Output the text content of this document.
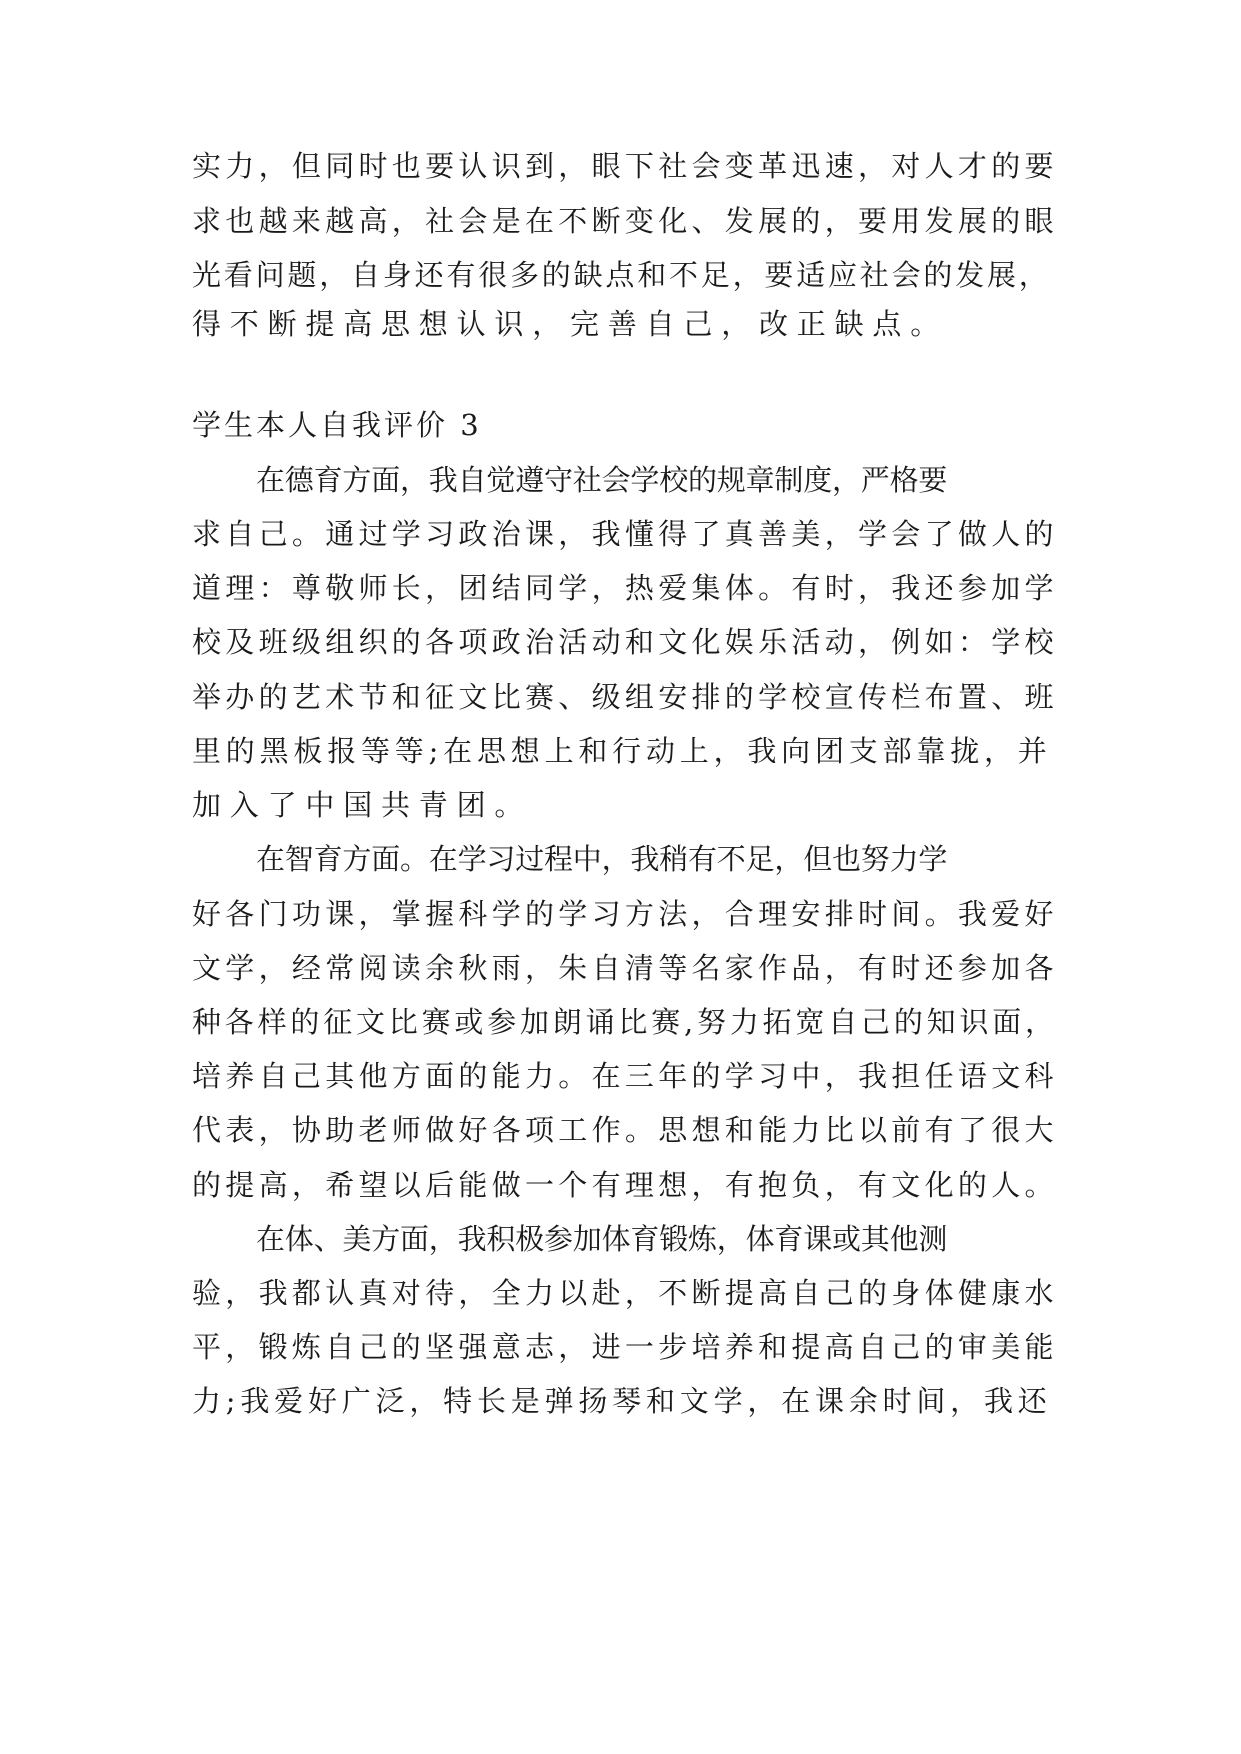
实力，但同时也要认识到，眼下社会变革迅速，对人才的要

求也越来越高，社会是在不断变化、发展的，要用发展的眼

光看问题，自身还有很多的缺点和不足，要适应社会的发展，

得不断提高思想认识，完善自己，改正缺点。

学生本人自我评价 3

在德育方面，我自觉遵守社会学校的规章制度，严格要

求自己。通过学习政治课，我懂得了真善美，学会了做人的

道理：尊敬师长，团结同学，热爱集体。有时，我还参加学

校及班级组织的各项政治活动和文化娱乐活动，例如：学校

举办的艺术节和征文比赛、级组安排的学校宣传栏布置、班

里的黑板报等等;在思想上和行动上，我向团支部靠拢，并

加入了中国共青团。

在智育方面。在学习过程中，我稍有不足，但也努力学

好各门功课，掌握科学的学习方法，合理安排时间。我爱好

文学，经常阅读余秋雨，朱自清等名家作品，有时还参加各

种各样的征文比赛或参加朗诵比赛,努力拓宽自己的知识面，

培养自己其他方面的能力。在三年的学习中，我担任语文科

代表，协助老师做好各项工作。思想和能力比以前有了很大

的提高，希望以后能做一个有理想，有抱负，有文化的人。

在体、美方面，我积极参加体育锻炼，体育课或其他测

验，我都认真对待，全力以赴，不断提高自己的身体健康水

平，锻炼自己的坚强意志，进一步培养和提高自己的审美能

力;我爱好广泛，特长是弹扬琴和文学，在课余时间，我还
